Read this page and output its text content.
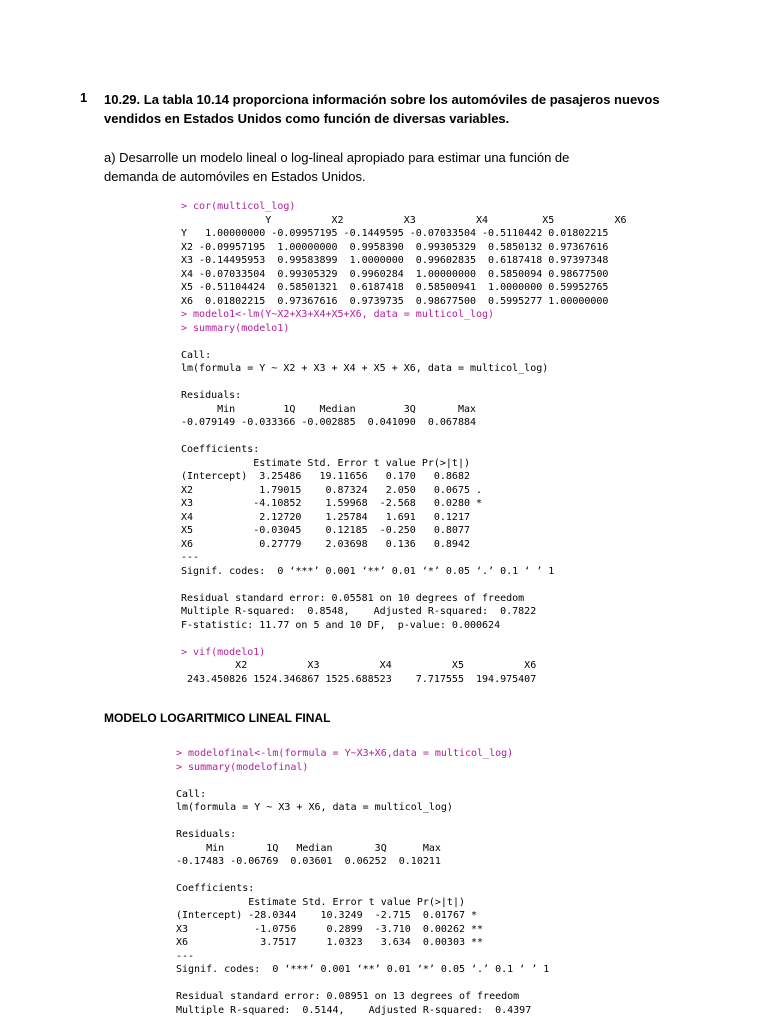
1 10.29. La tabla 10.14 proporciona información sobre los automóviles de pasajeros nuevos vendidos en Estados Unidos como función de diversas variables.
a) Desarrolle un modelo lineal o log-lineal apropiado para estimar una función de demanda de automóviles en Estados Unidos.
> cor(multicol_log)
Y          X2          X3          X4         X5          X6
Y   1.00000000 -0.09957195 -0.1449595 -0.07033504 -0.5110442 0.01802215
X2 -0.09957195  1.00000000  0.9958390  0.99305329  0.5850132 0.97367616
X3 -0.14495953  0.99583899  1.0000000  0.99602835  0.6187418 0.97397348
X4 -0.07033504  0.99305329  0.9960284  1.00000000  0.5850094 0.98677500
X5 -0.51104424  0.58501321  0.6187418  0.58500941  1.0000000 0.59952765
X6  0.01802215  0.97367616  0.9739735  0.98677500  0.5995277 1.00000000
> modelo1<-lm(Y~X2+X3+X4+X5+X6, data = multicol_log)
> summary(modelo1)

Call:
lm(formula = Y ~ X2 + X3 + X4 + X5 + X6, data = multicol_log)

Residuals:
Min        1Q    Median        3Q       Max
-0.079149 -0.033366 -0.002885  0.041090  0.067884

Coefficients:
Estimate Std. Error t value Pr(>|t|)
(Intercept)  3.25486   19.11656   0.170   0.8682
X2           1.79015    0.87324   2.050   0.0675 .
X3          -4.10852    1.59968  -2.568   0.0280 *
X4           2.12720    1.25784   1.691   0.1217
X5          -0.03045    0.12185  -0.250   0.8077
X6           0.27779    2.03698   0.136   0.8942
---
Signif. codes:  0 ‘***’ 0.001 ‘**’ 0.01 ‘*’ 0.05 ‘.’ 0.1 ‘ ’ 1

Residual standard error: 0.05581 on 10 degrees of freedom
Multiple R-squared:  0.8548,    Adjusted R-squared:  0.7822
F-statistic: 11.77 on 5 and 10 DF,  p-value: 0.000624

> vif(modelo1)
X2          X3          X4          X5          X6
243.450826 1524.346867 1525.688523    7.717555  194.975407
MODELO LOGARITMICO LINEAL FINAL
> modelofinal<-lm(formula = Y~X3+X6,data = multicol_log)
> summary(modelofinal)

Call:
lm(formula = Y ~ X3 + X6, data = multicol_log)

Residuals:
Min       1Q   Median       3Q      Max
-0.17483 -0.06769  0.03601  0.06252  0.10211

Coefficients:
Estimate Std. Error t value Pr(>|t|)
(Intercept) -28.0344    10.3249  -2.715  0.01767 *
X3           -1.0756     0.2899  -3.710  0.00262 **
X6            3.7517     1.0323   3.634  0.00303 **
---
Signif. codes:  0 ‘***’ 0.001 ‘**’ 0.01 ‘*’ 0.05 ‘.’ 0.1 ‘ ’ 1

Residual standard error: 0.08951 on 13 degrees of freedom
Multiple R-squared:  0.5144,    Adjusted R-squared:  0.4397
